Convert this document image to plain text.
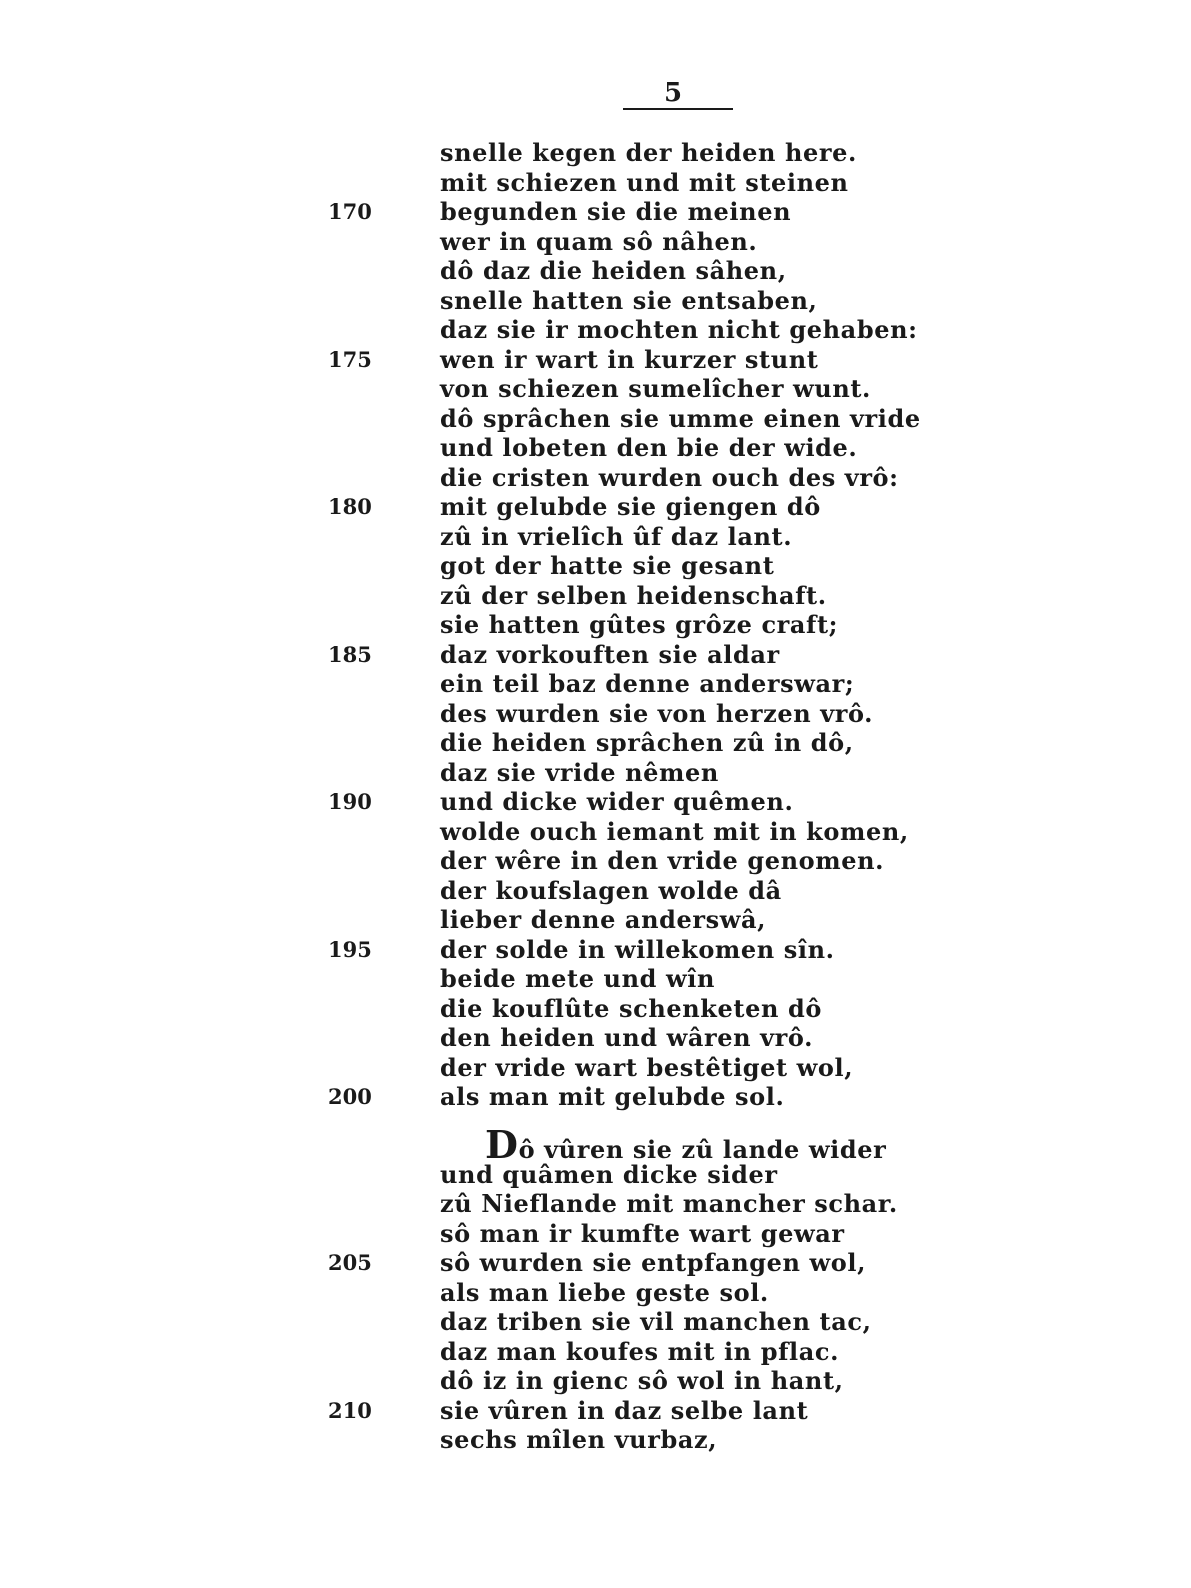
5
snelle kegen der heiden here.
mit schiezen und mit steinen
170	begunden sie die meinen
wer in quam sô nâhen.
dô daz die heiden sâhen,
snelle hatten sie entsaben,
daz sie ir mochten nicht gehaben:
175	wen ir wart in kurzer stunt
von schiezen sumelîcher wunt.
dô sprâchen sie umme einen vride
und lobeten den bie der wide.
die cristen wurden ouch des vrô:
180	mit gelubde sie giengen dô
zû in vrielîch ûf daz lant.
got der hatte sie gesant
zû der selben heidenschaft.
sie hatten gûtes grôze craft;
185	daz vorkouften sie aldar
ein teil baz denne anderswar;
des wurden sie von herzen vrô.
die heiden sprâchen zû in dô,
daz sie vride nêmen
190	und dicke wider quêmen.
wolde ouch iemant mit in komen,
der wêre in den vride genomen.
der koufslagen wolde dâ
lieber denne anderswâ,
195	der solde in willekomen sîn.
beide mete und wîn
die kouflûte schenketen dô
den heiden und wâren vrô.
der vride wart bestêtiget wol,
200	als man mit gelubde sol.
Dô vûren sie zû lande wider
und quâmen dicke sider
zû Nieflande mit mancher schar.
sô man ir kumfte wart gewar
205	sô wurden sie entpfangen wol,
als man liebe geste sol.
daz triben sie vil manchen tac,
daz man koufes mit in pflac.
dô iz in gienc sô wol in hant,
210	sie vûren in daz selbe lant
sechs mîlen vurbaz,
